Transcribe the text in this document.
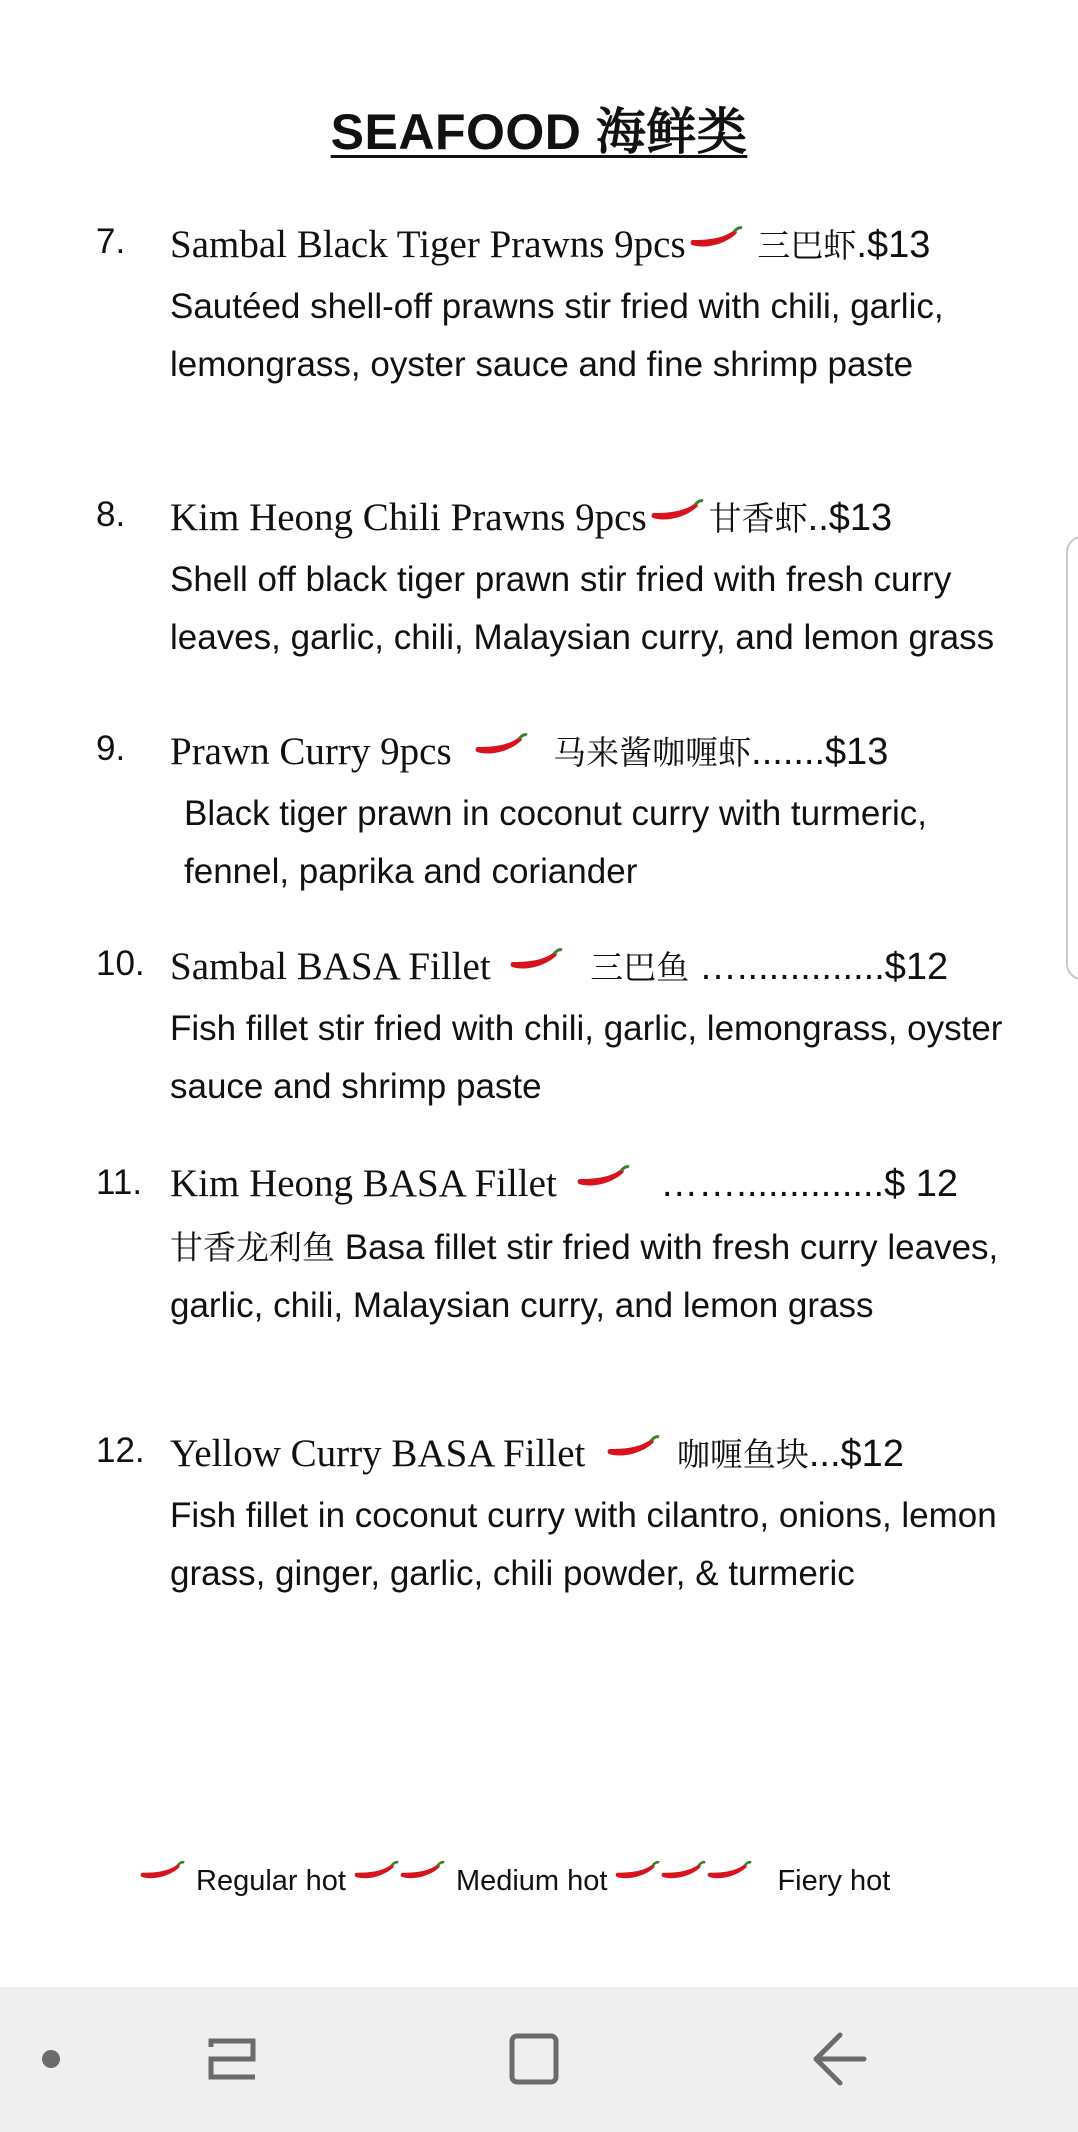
SEAFOOD 海鲜类
7. Sambal Black Tiger Prawns 9pcs 三巴虾.$13
Sautéed shell-off prawns stir fried with chili, garlic, lemongrass, oyster sauce and fine shrimp paste
8. Kim Heong Chili Prawns 9pcs 甘香虾..$13
Shell off black tiger prawn stir fried with fresh curry leaves, garlic, chili, Malaysian curry, and lemon grass
9. Prawn Curry 9pcs	马来酱咖喱虾.......$13
Black tiger prawn in coconut curry with turmeric, fennel, paprika and coriander
10. Sambal BASA Fillet	三巴鱼 …..............$12
Fish fillet stir fried with chili, garlic, lemongrass, oyster sauce and shrimp paste
11. Kim Heong BASA Fillet	……..............$ 12
甘香龙利鱼 Basa fillet stir fried with fresh curry leaves, garlic, chili, Malaysian curry, and lemon grass
12. Yellow Curry BASA Fillet	咖喱鱼块...$12
Fish fillet in coconut curry with cilantro, onions, lemon grass, ginger, garlic, chili powder, & turmeric
Regular hot	Medium hot	Fiery hot
